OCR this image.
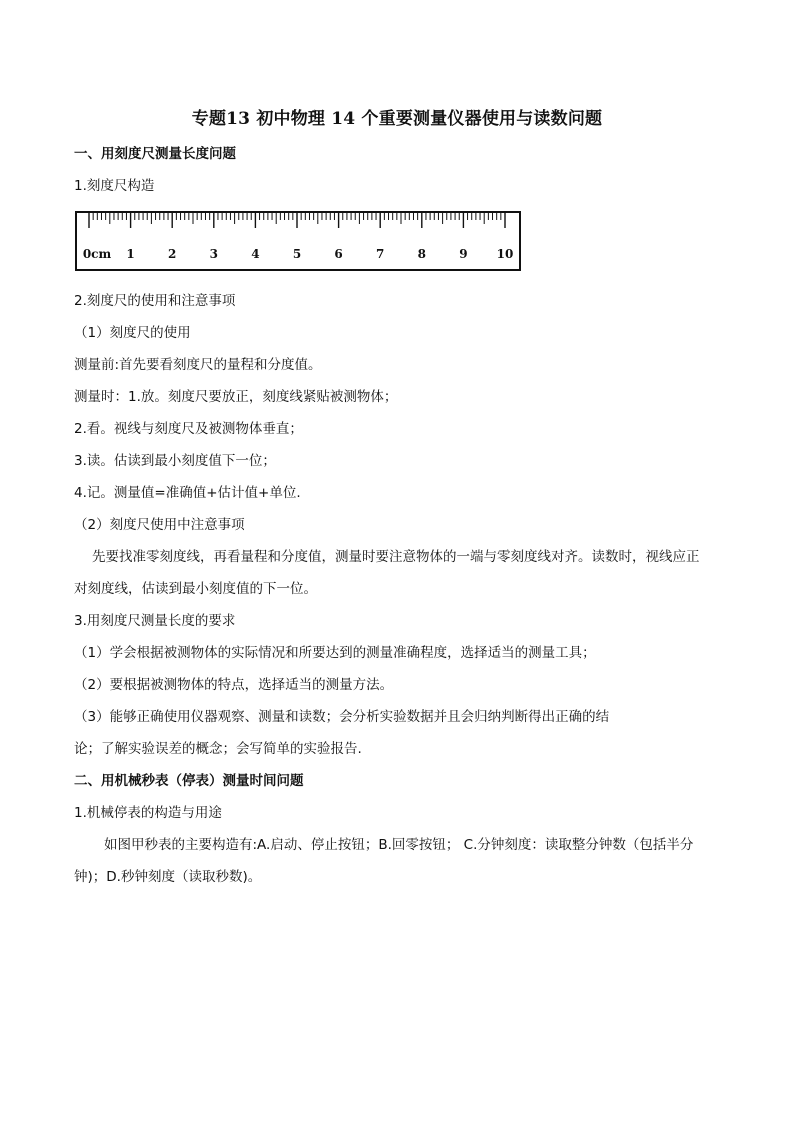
专题13 初中物理 14 个重要测量仪器使用与读数问题
一、用刻度尺测量长度问题
1.刻度尺构造
0cm 1	2	3	4	5	6	7	8	9 10
2.刻度尺的使用和注意事项
（1）刻度尺的使用
测量前:首先要看刻度尺的量程和分度值。
测量时：1.放。刻度尺要放正，刻度线紧贴被测物体；
2.看。视线与刻度尺及被测物体垂直；
3.读。估读到最小刻度值下一位；
4.记。测量值=准确值+估计值+单位.
（2）刻度尺使用中注意事项
先要找准零刻度线，再看量程和分度值，测量时要注意物体的一端与零刻度线对齐。读数时，视线应正
对刻度线，估读到最小刻度值的下一位。
3.用刻度尺测量长度的要求
（1）学会根据被测物体的实际情况和所要达到的测量准确程度，选择适当的测量工具；
（2）要根据被测物体的特点，选择适当的测量方法。
（3）能够正确使用仪器观察、测量和读数；会分析实验数据并且会归纳判断得出正确的结
论；了解实验误差的概念；会写简单的实验报告.
二、用机械秒表（停表）测量时间问题
1.机械停表的构造与用途
如图甲秒表的主要构造有:A.启动、停止按钮；B.回零按钮； C.分钟刻度：读取整分钟数（包括半分
钟)；D.秒钟刻度（读取秒数)。
